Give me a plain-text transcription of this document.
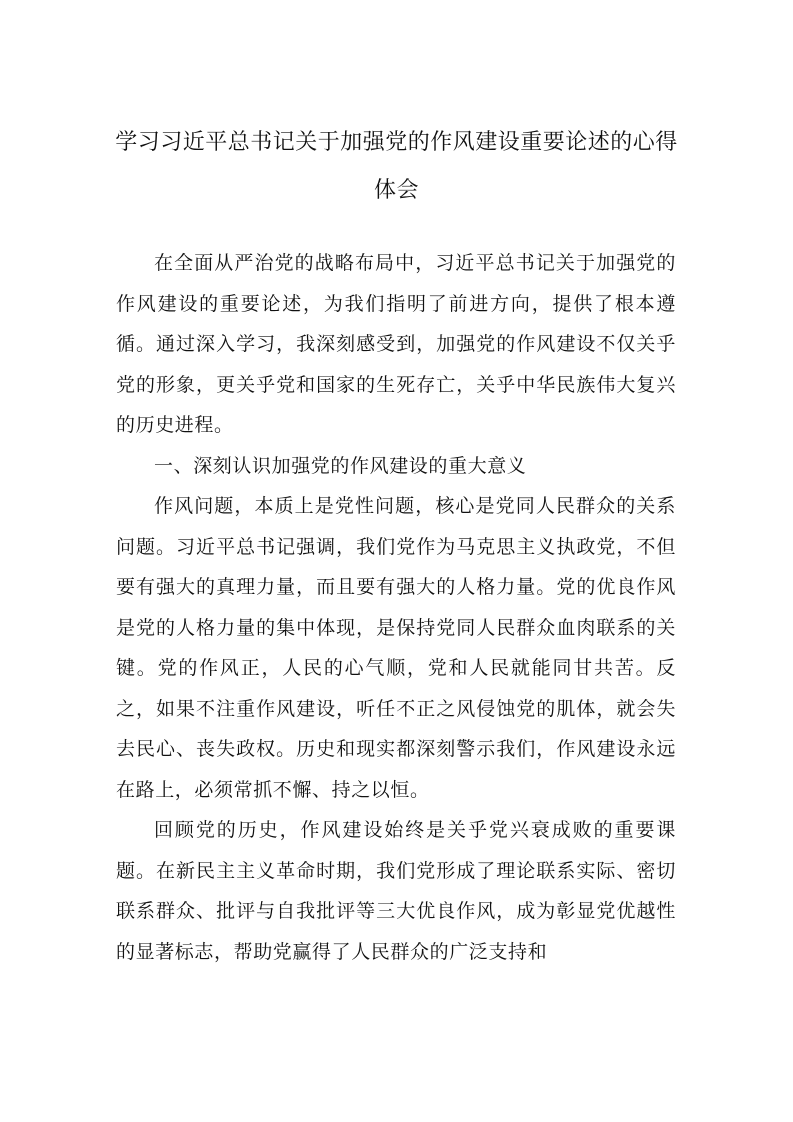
学习习近平总书记关于加强党的作风建设重要论述的心得
体会

在全面从严治党的战略布局中，习近平总书记关于加强党的作风建设的重要论述，为我们指明了前进方向，提供了根本遵循。通过深入学习，我深刻感受到，加强党的作风建设不仅关乎党的形象，更关乎党和国家的生死存亡，关乎中华民族伟大复兴的历史进程。

一、深刻认识加强党的作风建设的重大意义

作风问题，本质上是党性问题，核心是党同人民群众的关系问题。习近平总书记强调，我们党作为马克思主义执政党，不但要有强大的真理力量，而且要有强大的人格力量。党的优良作风是党的人格力量的集中体现，是保持党同人民群众血肉联系的关键。党的作风正，人民的心气顺，党和人民就能同甘共苦。反之，如果不注重作风建设，听任不正之风侵蚀党的肌体，就会失去民心、丧失政权。历史和现实都深刻警示我们，作风建设永远在路上，必须常抓不懈、持之以恒。

回顾党的历史，作风建设始终是关乎党兴衰成败的重要课题。在新民主主义革命时期，我们党形成了理论联系实际、密切联系群众、批评与自我批评等三大优良作风，成为彰显党优越性的显著标志，帮助党赢得了人民群众的广泛支持和
